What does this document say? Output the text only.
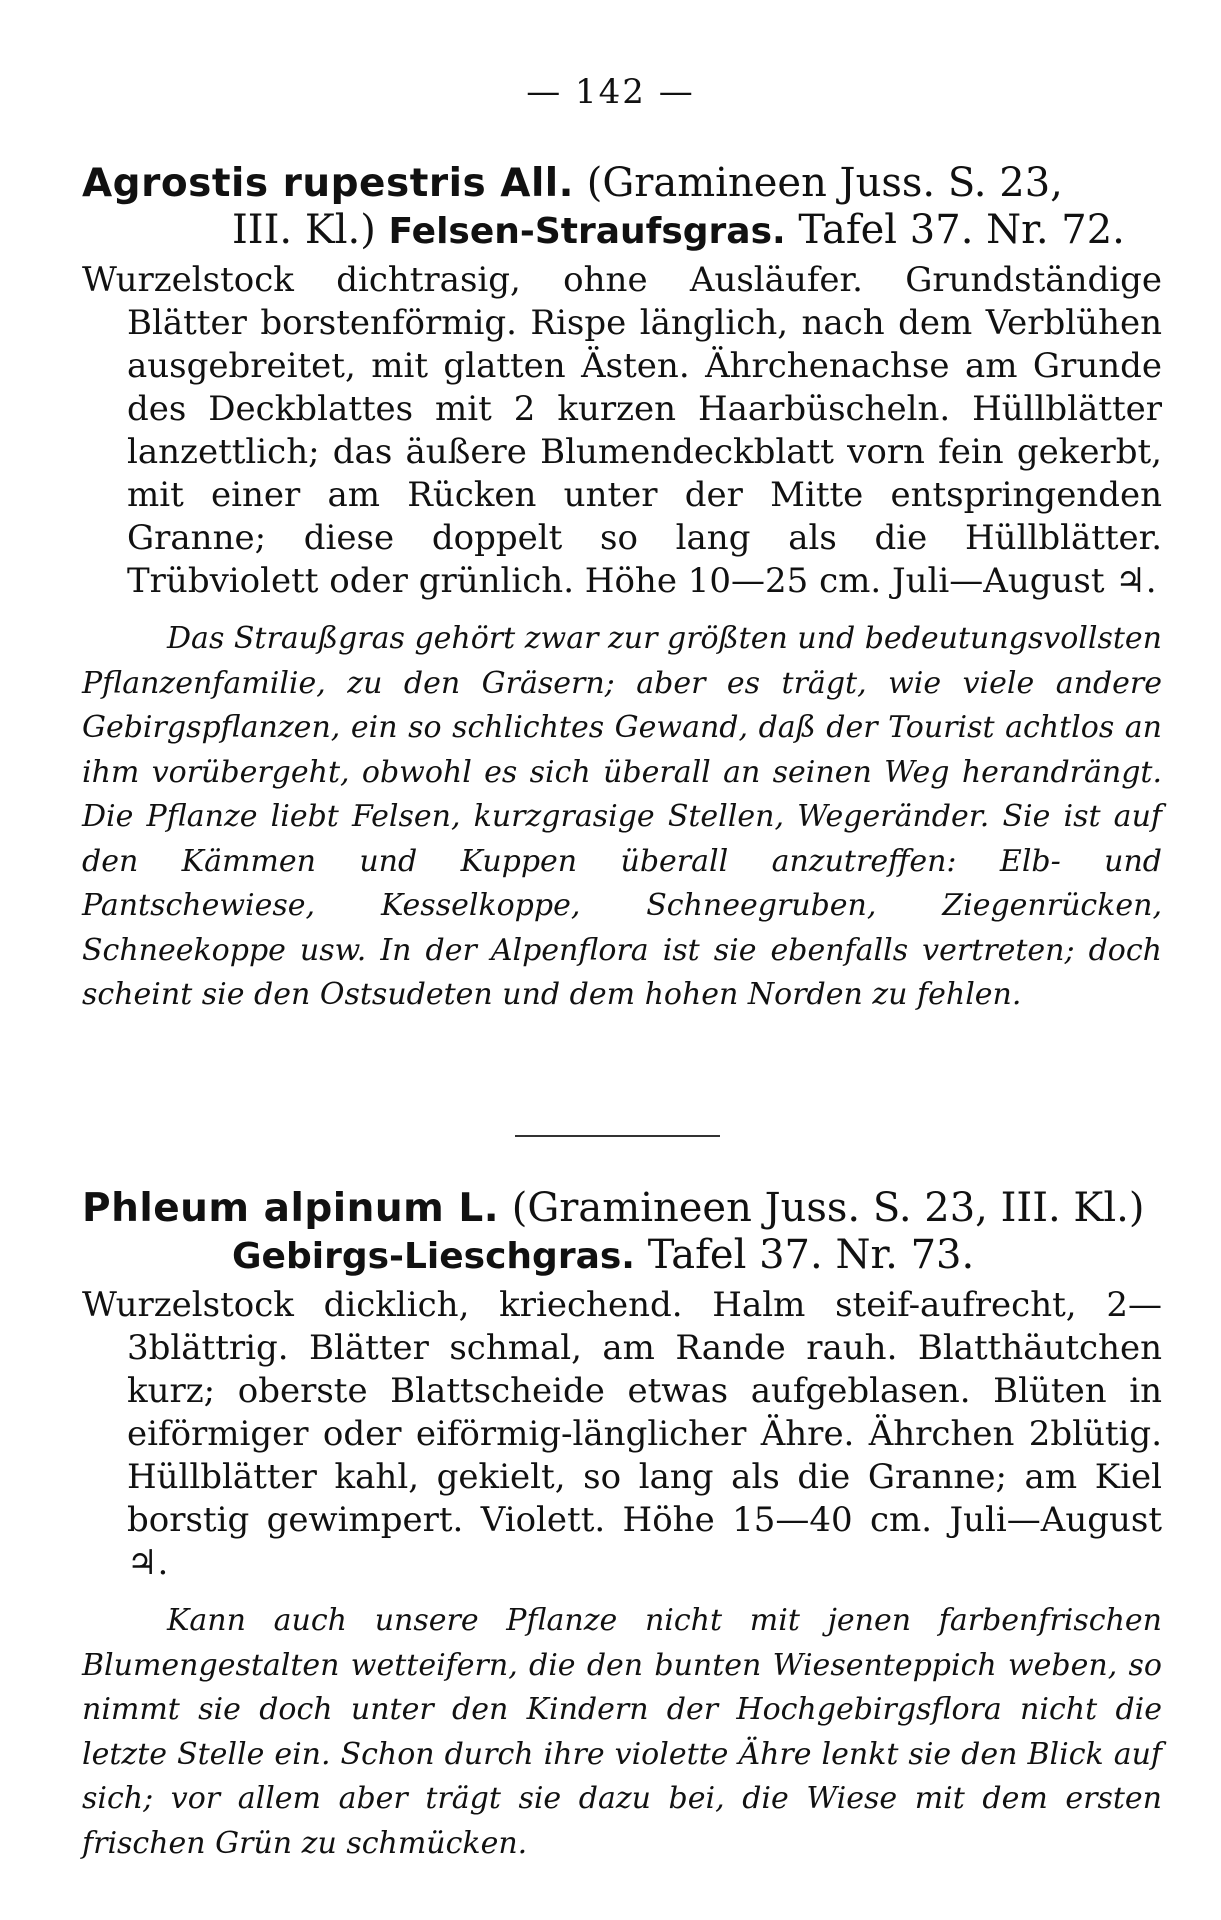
— 142 —

Agrostis rupestris All. (Gramineen Juss. S. 23,
III. Kl.) Felsen-Straufsgras. Tafel 37. Nr. 72.

Wurzelstock dichtrasig, ohne Ausläufer. Grundständige Blätter borstenförmig. Rispe länglich, nach dem Verblühen ausgebreitet, mit glatten Ästen. Ährchenachse am Grunde des Deckblattes mit 2 kurzen Haarbüscheln. Hüllblätter lanzettlich; das äußere Blumendeckblatt vorn fein gekerbt, mit einer am Rücken unter der Mitte entspringenden Granne; diese doppelt so lang als die Hüllblätter. Trübviolett oder grünlich. Höhe 10—25 cm. Juli—August ♃.

Das Straußgras gehört zwar zur größten und bedeutungsvollsten Pflanzenfamilie, zu den Gräsern; aber es trägt, wie viele andere Gebirgspflanzen, ein so schlichtes Gewand, daß der Tourist achtlos an ihm vorübergeht, obwohl es sich überall an seinen Weg herandrängt. Die Pflanze liebt Felsen, kurzgrasige Stellen, Wegeränder. Sie ist auf den Kämmen und Kuppen überall anzutreffen: Elb- und Pantschewiese, Kesselkoppe, Schneegruben, Ziegenrücken, Schneekoppe usw. In der Alpenflora ist sie ebenfalls vertreten; doch scheint sie den Ostsudeten und dem hohen Norden zu fehlen.

Phleum alpinum L. (Gramineen Juss. S. 23, III. Kl.)
Gebirgs-Lieschgras. Tafel 37. Nr. 73.

Wurzelstock dicklich, kriechend. Halm steif-aufrecht, 2—3blättrig. Blätter schmal, am Rande rauh. Blatthäutchen kurz; oberste Blattscheide etwas aufgeblasen. Blüten in eiförmiger oder eiförmig-länglicher Ähre. Ährchen 2blütig. Hüllblätter kahl, gekielt, so lang als die Granne; am Kiel borstig gewimpert. Violett. Höhe 15—40 cm. Juli—August ♃.

Kann auch unsere Pflanze nicht mit jenen farbenfrischen Blumengestalten wetteifern, die den bunten Wiesenteppich weben, so nimmt sie doch unter den Kindern der Hochgebirgsflora nicht die letzte Stelle ein. Schon durch ihre violette Ähre lenkt sie den Blick auf sich; vor allem aber trägt sie dazu bei, die Wiese mit dem ersten frischen Grün zu schmücken.
